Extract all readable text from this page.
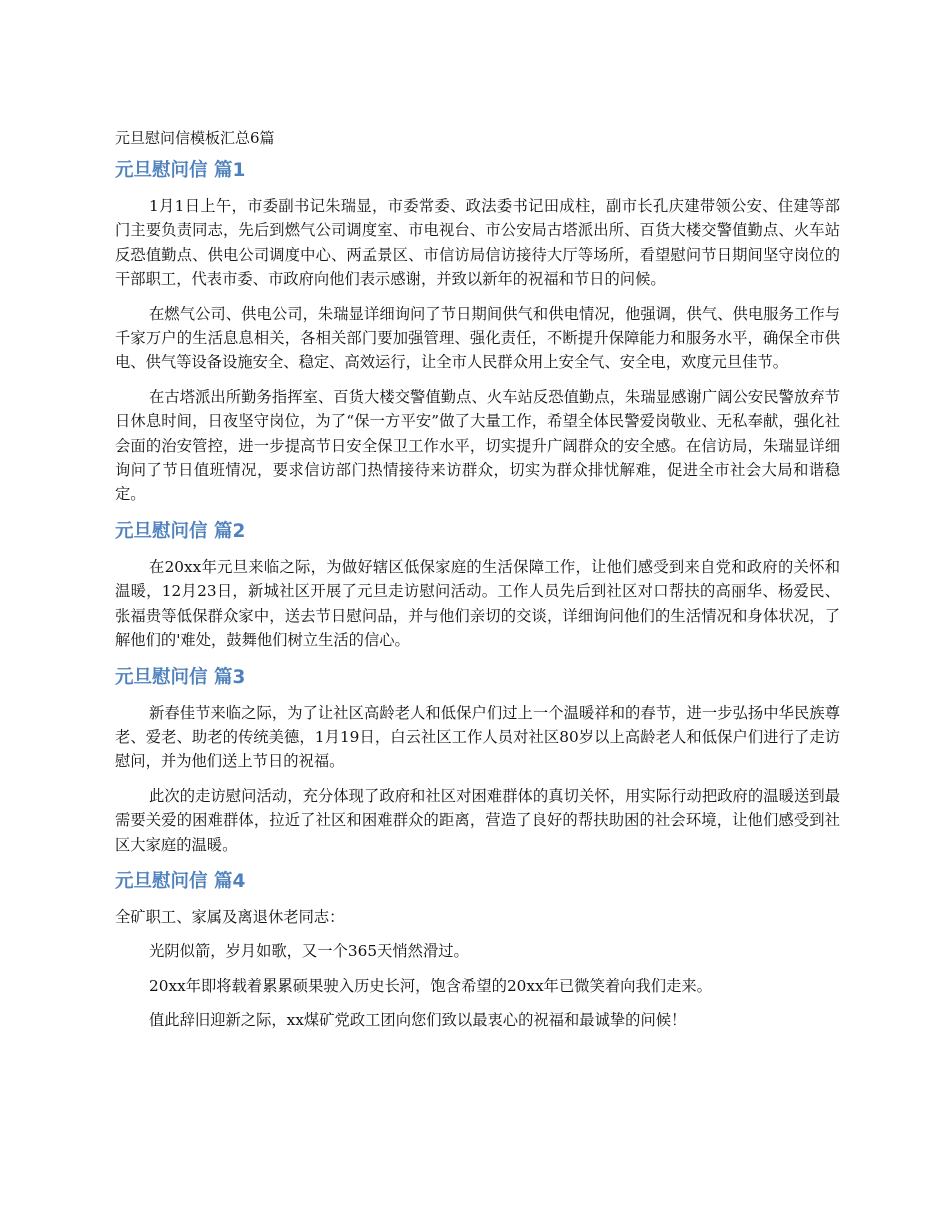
元旦慰问信模板汇总6篇
元旦慰问信 篇1

1月1日上午，市委副书记朱瑞显，市委常委、政法委书记田成柱，副市长孔庆建带领公安、住建等部门主要负责同志，先后到燃气公司调度室、市电视台、市公安局古塔派出所、百货大楼交警值勤点、火车站反恐值勤点、供电公司调度中心、两孟景区、市信访局信访接待大厅等场所，看望慰问节日期间坚守岗位的干部职工，代表市委、市政府向他们表示感谢，并致以新年的祝福和节日的问候。

在燃气公司、供电公司，朱瑞显详细询问了节日期间供气和供电情况，他强调，供气、供电服务工作与千家万户的生活息息相关，各相关部门要加强管理、强化责任，不断提升保障能力和服务水平，确保全市供电、供气等设备设施安全、稳定、高效运行，让全市人民群众用上安全气、安全电，欢度元旦佳节。

在古塔派出所勤务指挥室、百货大楼交警值勤点、火车站反恐值勤点，朱瑞显感谢广阔公安民警放弃节日休息时间，日夜坚守岗位，为了“保一方平安”做了大量工作，希望全体民警爱岗敬业、无私奉献，强化社会面的治安管控，进一步提高节日安全保卫工作水平，切实提升广阔群众的安全感。在信访局，朱瑞显详细询问了节日值班情况，要求信访部门热情接待来访群众，切实为群众排忧解难，促进全市社会大局和谐稳定。

元旦慰问信 篇2

在20xx年元旦来临之际，为做好辖区低保家庭的生活保障工作，让他们感受到来自党和政府的关怀和温暖，12月23日，新城社区开展了元旦走访慰问活动。工作人员先后到社区对口帮扶的高丽华、杨爱民、张福贵等低保群众家中，送去节日慰问品，并与他们亲切的交谈，详细询问他们的生活情况和身体状况，了解他们的'难处，鼓舞他们树立生活的信心。

元旦慰问信 篇3

新春佳节来临之际，为了让社区高龄老人和低保户们过上一个温暖祥和的春节，进一步弘扬中华民族尊老、爱老、助老的传统美德，1月19日，白云社区工作人员对社区80岁以上高龄老人和低保户们进行了走访慰问，并为他们送上节日的祝福。

此次的走访慰问活动，充分体现了政府和社区对困难群体的真切关怀，用实际行动把政府的温暖送到最需要关爱的困难群体，拉近了社区和困难群众的距离，营造了良好的帮扶助困的社会环境，让他们感受到社区大家庭的温暖。

元旦慰问信 篇4

全矿职工、家属及离退休老同志：

光阴似箭，岁月如歌，又一个365天悄然滑过。

20xx年即将载着累累硕果驶入历史长河，饱含希望的20xx年已微笑着向我们走来。

值此辞旧迎新之际，xx煤矿党政工团向您们致以最衷心的祝福和最诚挚的问候！
